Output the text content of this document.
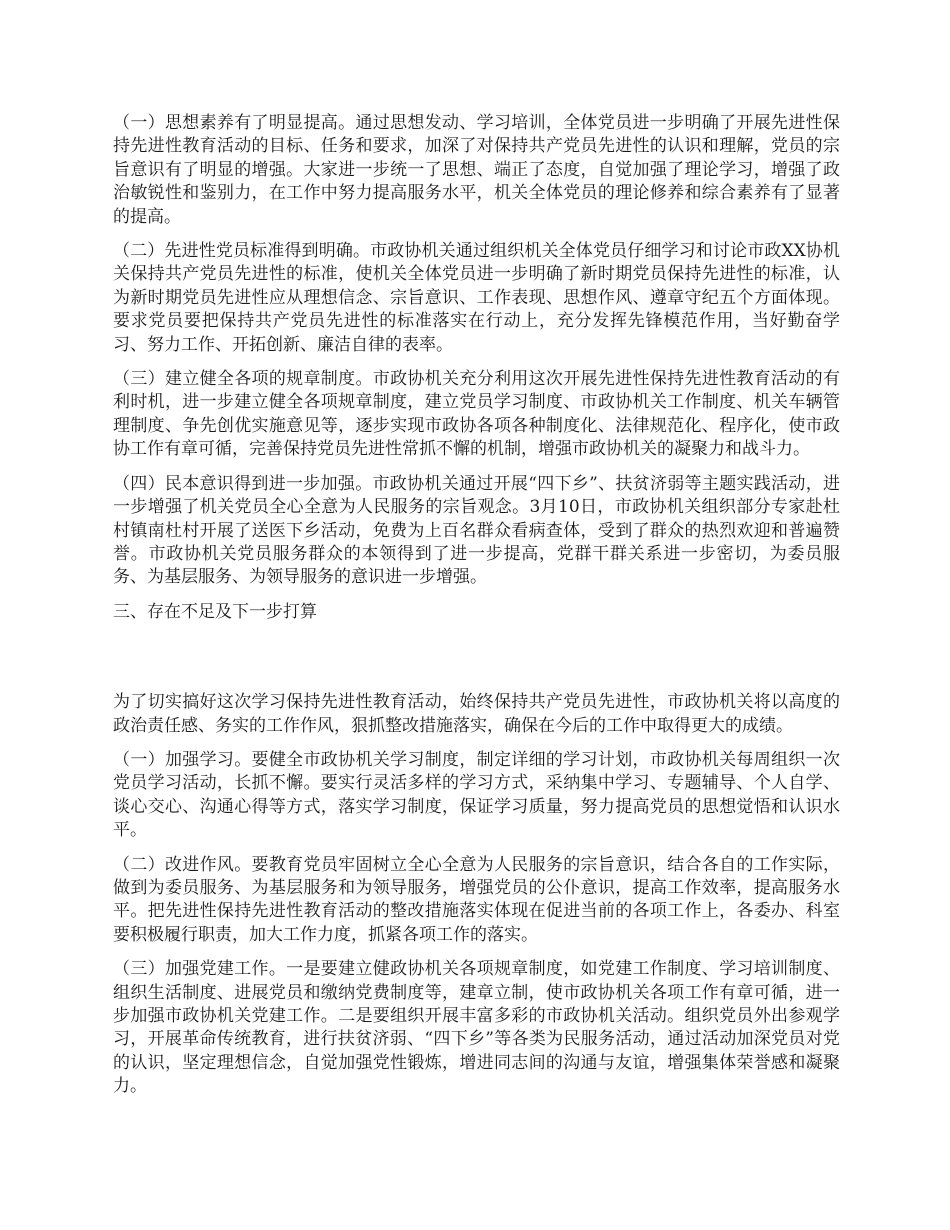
（一）思想素养有了明显提高。通过思想发动、学习培训，全体党员进一步明确了开展先进性保持先进性教育活动的目标、任务和要求，加深了对保持共产党员先进性的认识和理解，党员的宗旨意识有了明显的增强。大家进一步统一了思想、端正了态度，自觉加强了理论学习，增强了政治敏锐性和鉴别力，在工作中努力提高服务水平，机关全体党员的理论修养和综合素养有了显著的提高。

（二）先进性党员标准得到明确。市政协机关通过组织机关全体党员仔细学习和讨论市政XX协机关保持共产党员先进性的标准，使机关全体党员进一步明确了新时期党员保持先进性的标准，认为新时期党员先进性应从理想信念、宗旨意识、工作表现、思想作风、遵章守纪五个方面体现。要求党员要把保持共产党员先进性的标准落实在行动上，充分发挥先锋模范作用，当好勤奋学习、努力工作、开拓创新、廉洁自律的表率。

（三）建立健全各项的规章制度。市政协机关充分利用这次开展先进性保持先进性教育活动的有利时机，进一步建立健全各项规章制度，建立党员学习制度、市政协机关工作制度、机关车辆管理制度、争先创优实施意见等，逐步实现市政协各项各种制度化、法律规范化、程序化，使市政协工作有章可循，完善保持党员先进性常抓不懈的机制，增强市政协机关的凝聚力和战斗力。

（四）民本意识得到进一步加强。市政协机关通过开展“四下乡”、扶贫济弱等主题实践活动，进一步增强了机关党员全心全意为人民服务的宗旨观念。3月10日，市政协机关组织部分专家赴杜村镇南杜村开展了送医下乡活动，免费为上百名群众看病查体，受到了群众的热烈欢迎和普遍赞誉。市政协机关党员服务群众的本领得到了进一步提高，党群干群关系进一步密切，为委员服务、为基层服务、为领导服务的意识进一步增强。

三、存在不足及下一步打算

为了切实搞好这次学习保持先进性教育活动，始终保持共产党员先进性，市政协机关将以高度的政治责任感、务实的工作作风，狠抓整改措施落实，确保在今后的工作中取得更大的成绩。

（一）加强学习。要健全市政协机关学习制度，制定详细的学习计划，市政协机关每周组织一次党员学习活动，长抓不懈。要实行灵活多样的学习方式，采纳集中学习、专题辅导、个人自学、谈心交心、沟通心得等方式，落实学习制度，保证学习质量，努力提高党员的思想觉悟和认识水平。

（二）改进作风。要教育党员牢固树立全心全意为人民服务的宗旨意识，结合各自的工作实际，做到为委员服务、为基层服务和为领导服务，增强党员的公仆意识，提高工作效率，提高服务水平。把先进性保持先进性教育活动的整改措施落实体现在促进当前的各项工作上，各委办、科室要积极履行职责，加大工作力度，抓紧各项工作的落实。

（三）加强党建工作。一是要建立健政协机关各项规章制度，如党建工作制度、学习培训制度、组织生活制度、进展党员和缴纳党费制度等，建章立制，使市政协机关各项工作有章可循，进一步加强市政协机关党建工作。二是要组织开展丰富多彩的市政协机关活动。组织党员外出参观学习，开展革命传统教育，进行扶贫济弱、“四下乡”等各类为民服务活动，通过活动加深党员对党的认识，坚定理想信念，自觉加强党性锻炼，增进同志间的沟通与友谊，增强集体荣誉感和凝聚力。
